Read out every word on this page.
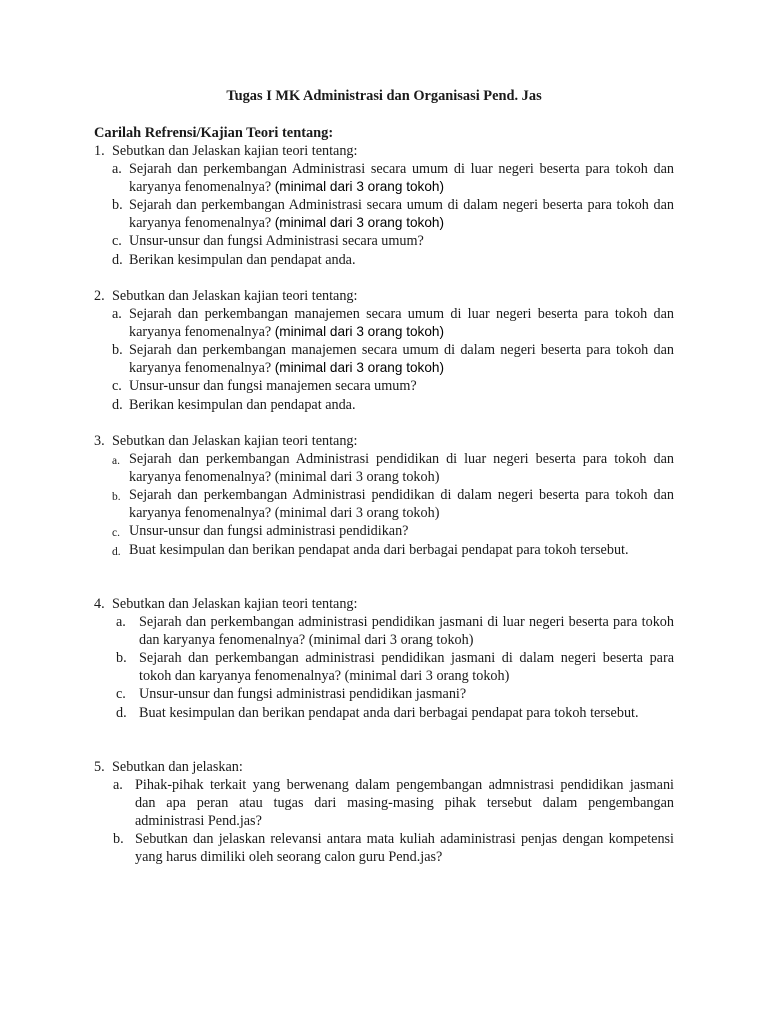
Tugas I MK Administrasi dan Organisasi Pend. Jas
Carilah Refrensi/Kajian Teori tentang:
1. Sebutkan dan Jelaskan kajian teori tentang:
a. Sejarah dan perkembangan Administrasi secara umum di luar negeri beserta para tokoh dan karyanya fenomenalnya? (minimal dari 3 orang tokoh)
b. Sejarah dan perkembangan Administrasi secara umum di dalam negeri beserta para tokoh dan karyanya fenomenalnya? (minimal dari 3 orang tokoh)
c. Unsur-unsur dan fungsi Administrasi secara umum?
d. Berikan kesimpulan dan pendapat anda.
2. Sebutkan dan Jelaskan kajian teori tentang:
a. Sejarah dan perkembangan manajemen secara umum di luar negeri beserta para tokoh dan karyanya fenomenalnya? (minimal dari 3 orang tokoh)
b. Sejarah dan perkembangan manajemen secara umum di dalam negeri beserta para tokoh dan karyanya fenomenalnya? (minimal dari 3 orang tokoh)
c. Unsur-unsur dan fungsi manajemen secara umum?
d. Berikan kesimpulan dan pendapat anda.
3. Sebutkan dan Jelaskan kajian teori tentang:
a. Sejarah dan perkembangan Administrasi pendidikan di luar negeri beserta para tokoh dan karyanya fenomenalnya? (minimal dari 3 orang tokoh)
b. Sejarah dan perkembangan Administrasi pendidikan di dalam negeri beserta para tokoh dan karyanya fenomenalnya? (minimal dari 3 orang tokoh)
c. Unsur-unsur dan fungsi administrasi pendidikan?
d. Buat kesimpulan dan berikan pendapat anda dari berbagai pendapat para tokoh tersebut.
4. Sebutkan dan Jelaskan kajian teori tentang:
a. Sejarah dan perkembangan administrasi pendidikan jasmani di luar negeri beserta para tokoh dan karyanya fenomenalnya? (minimal dari 3 orang tokoh)
b. Sejarah dan perkembangan administrasi pendidikan jasmani di dalam negeri beserta para tokoh dan karyanya fenomenalnya? (minimal dari 3 orang tokoh)
c. Unsur-unsur dan fungsi administrasi pendidikan jasmani?
d. Buat kesimpulan dan berikan pendapat anda dari berbagai pendapat para tokoh tersebut.
5. Sebutkan dan jelaskan:
a. Pihak-pihak terkait yang berwenang dalam pengembangan admnistrasi pendidikan jasmani dan apa peran atau tugas dari masing-masing pihak tersebut dalam pengembangan administrasi Pend.jas?
b. Sebutkan dan jelaskan relevansi antara mata kuliah adaministrasi penjas dengan kompetensi yang harus dimiliki oleh seorang calon guru Pend.jas?
